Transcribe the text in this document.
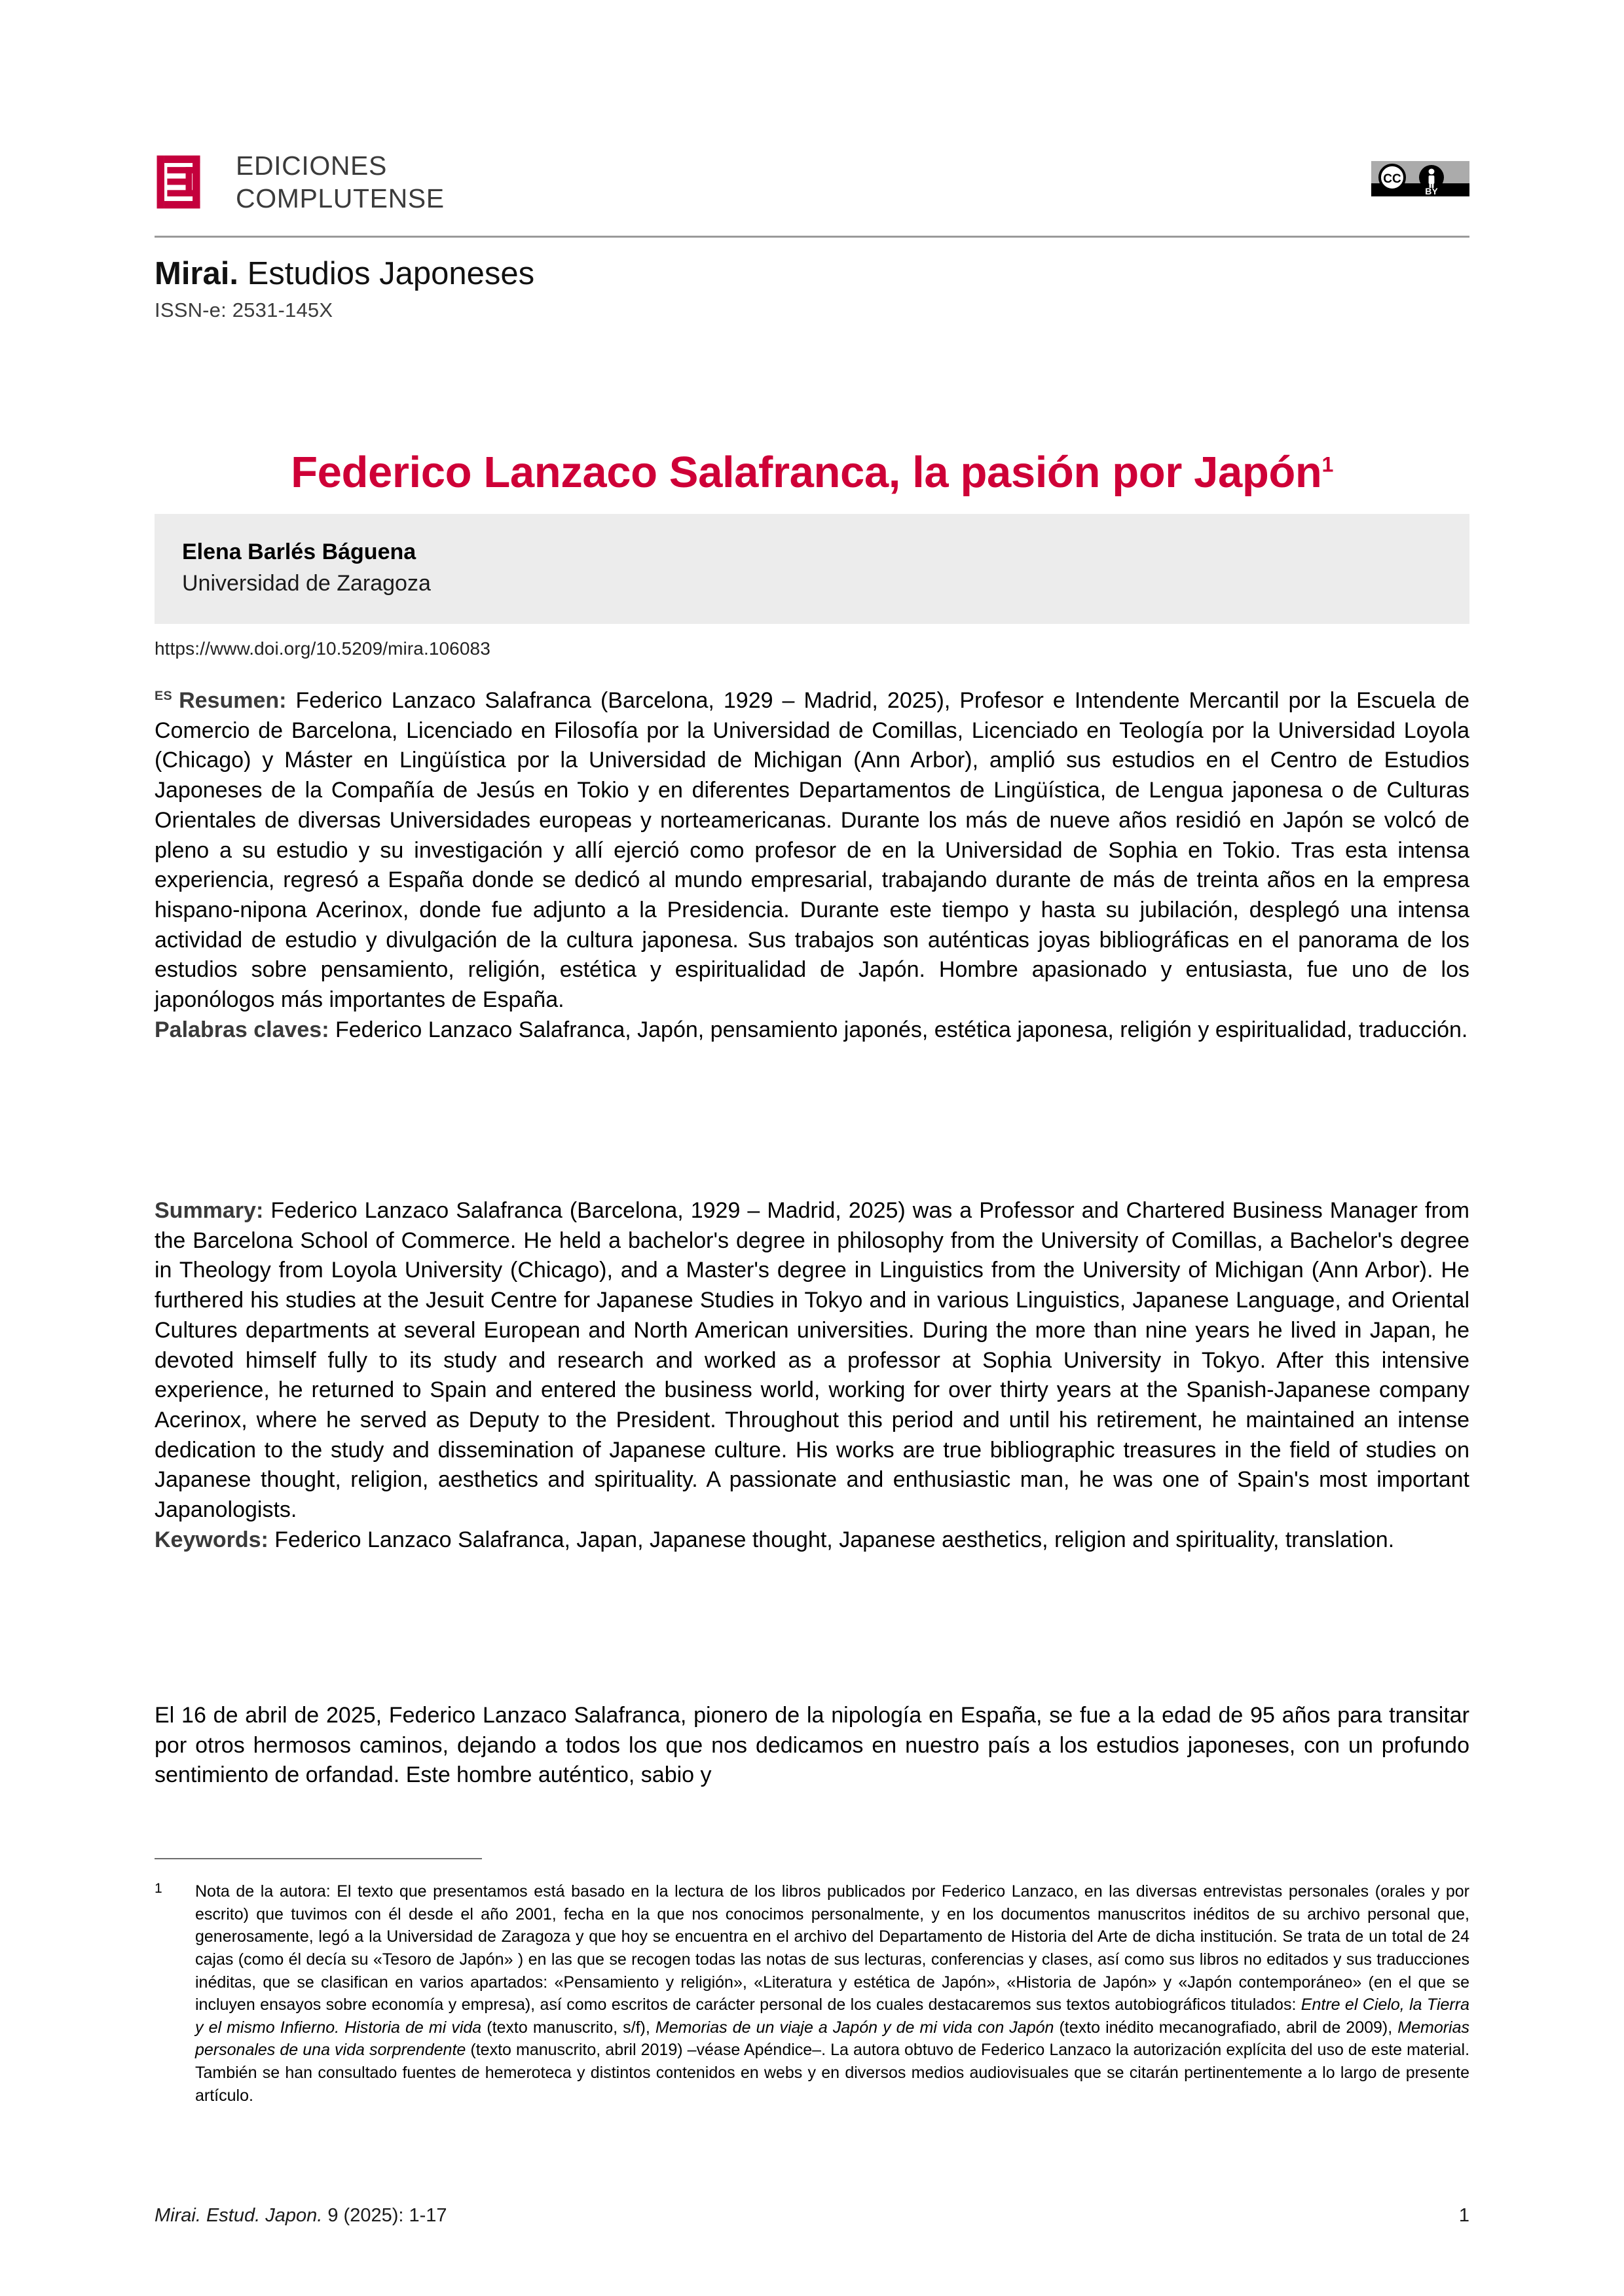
EDICIONES
COMPLUTENSE
CC
BY
Mirai. Estudios Japoneses
ISSN-e: 2531-145X
Federico Lanzaco Salafranca, la pasión por Japón$^1$
Elena Barlés Báguena
Universidad de Zaragoza
https://www.doi.org/10.5209/mira.106083

$^{ES}$ Resumen: Federico Lanzaco Salafranca (Barcelona, 1929 – Madrid, 2025), Profesor e Intendente Mercantil por la Escuela de Comercio de Barcelona, Licenciado en Filosofía por la Universidad de Comillas, Licenciado en Teología por la Universidad Loyola (Chicago) y Máster en Lingüística por la Universidad de Michigan (Ann Arbor), amplió sus estudios en el Centro de Estudios Japoneses de la Compañía de Jesús en Tokio y en diferentes Departamentos de Lingüística, de Lengua japonesa o de Culturas Orientales de diversas Universidades europeas y norteamericanas. Durante los más de nueve años residió en Japón se volcó de pleno a su estudio y su investigación y allí ejerció como profesor de en la Universidad de Sophia en Tokio. Tras esta intensa experiencia, regresó a España donde se dedicó al mundo empresarial, trabajando durante de más de treinta años en la empresa hispano-nipona Acerinox, donde fue adjunto a la Presidencia. Durante este tiempo y hasta su jubilación, desplegó una intensa actividad de estudio y divulgación de la cultura japonesa. Sus trabajos son auténticas joyas bibliográficas en el panorama de los estudios sobre pensamiento, religión, estética y espiritualidad de Japón. Hombre apasionado y entusiasta, fue uno de los japonólogos más importantes de España.

Palabras claves: Federico Lanzaco Salafranca, Japón, pensamiento japonés, estética japonesa, religión y espiritualidad, traducción.

Summary: Federico Lanzaco Salafranca (Barcelona, 1929 – Madrid, 2025) was a Professor and Chartered Business Manager from the Barcelona School of Commerce. He held a bachelor's degree in philosophy from the University of Comillas, a Bachelor's degree in Theology from Loyola University (Chicago), and a Master's degree in Linguistics from the University of Michigan (Ann Arbor). He furthered his studies at the Jesuit Centre for Japanese Studies in Tokyo and in various Linguistics, Japanese Language, and Oriental Cultures departments at several European and North American universities. During the more than nine years he lived in Japan, he devoted himself fully to its study and research and worked as a professor at Sophia University in Tokyo. After this intensive experience, he returned to Spain and entered the business world, working for over thirty years at the Spanish-Japanese company Acerinox, where he served as Deputy to the President. Throughout this period and until his retirement, he maintained an intense dedication to the study and dissemination of Japanese culture. His works are true bibliographic treasures in the field of studies on Japanese thought, religion, aesthetics and spirituality. A passionate and enthusiastic man, he was one of Spain's most important Japanologists.

Keywords: Federico Lanzaco Salafranca, Japan, Japanese thought, Japanese aesthetics, religion and spirituality, translation.

El 16 de abril de 2025, Federico Lanzaco Salafranca, pionero de la nipología en España, se fue a la edad de 95 años para transitar por otros hermosos caminos, dejando a todos los que nos dedicamos en nuestro país a los estudios japoneses, con un profundo sentimiento de orfandad. Este hombre auténtico, sabio y

1	Nota de la autora: El texto que presentamos está basado en la lectura de los libros publicados por Federico Lanzaco, en las diversas entrevistas personales (orales y por escrito) que tuvimos con él desde el año 2001, fecha en la que nos conocimos personalmente, y en los documentos manuscritos inéditos de su archivo personal que, generosamente, legó a la Universidad de Zaragoza y que hoy se encuentra en el archivo del Departamento de Historia del Arte de dicha institución. Se trata de un total de 24 cajas (como él decía su «Tesoro de Japón» ) en las que se recogen todas las notas de sus lecturas, conferencias y clases, así como sus libros no editados y sus traducciones inéditas, que se clasifican en varios apartados: «Pensamiento y religión», «Literatura y estética de Japón», «Historia de Japón» y «Japón contemporáneo» (en el que se incluyen ensayos sobre economía y empresa), así como escritos de carácter personal de los cuales destacaremos sus textos autobiográficos titulados: Entre el Cielo, la Tierra y el mismo Infierno. Historia de mi vida (texto manuscrito, s/f), Memorias de un viaje a Japón y de mi vida con Japón (texto inédito mecanografiado, abril de 2009), Memorias personales de una vida sorprendente (texto manuscrito, abril 2019) –véase Apéndice–. La autora obtuvo de Federico Lanzaco la autorización explícita del uso de este material. También se han consultado fuentes de hemeroteca y distintos contenidos en webs y en diversos medios audiovisuales que se citarán pertinentemente a lo largo de presente artículo.
Mirai. Estud. Japon. 9 (2025): 1-17	1
